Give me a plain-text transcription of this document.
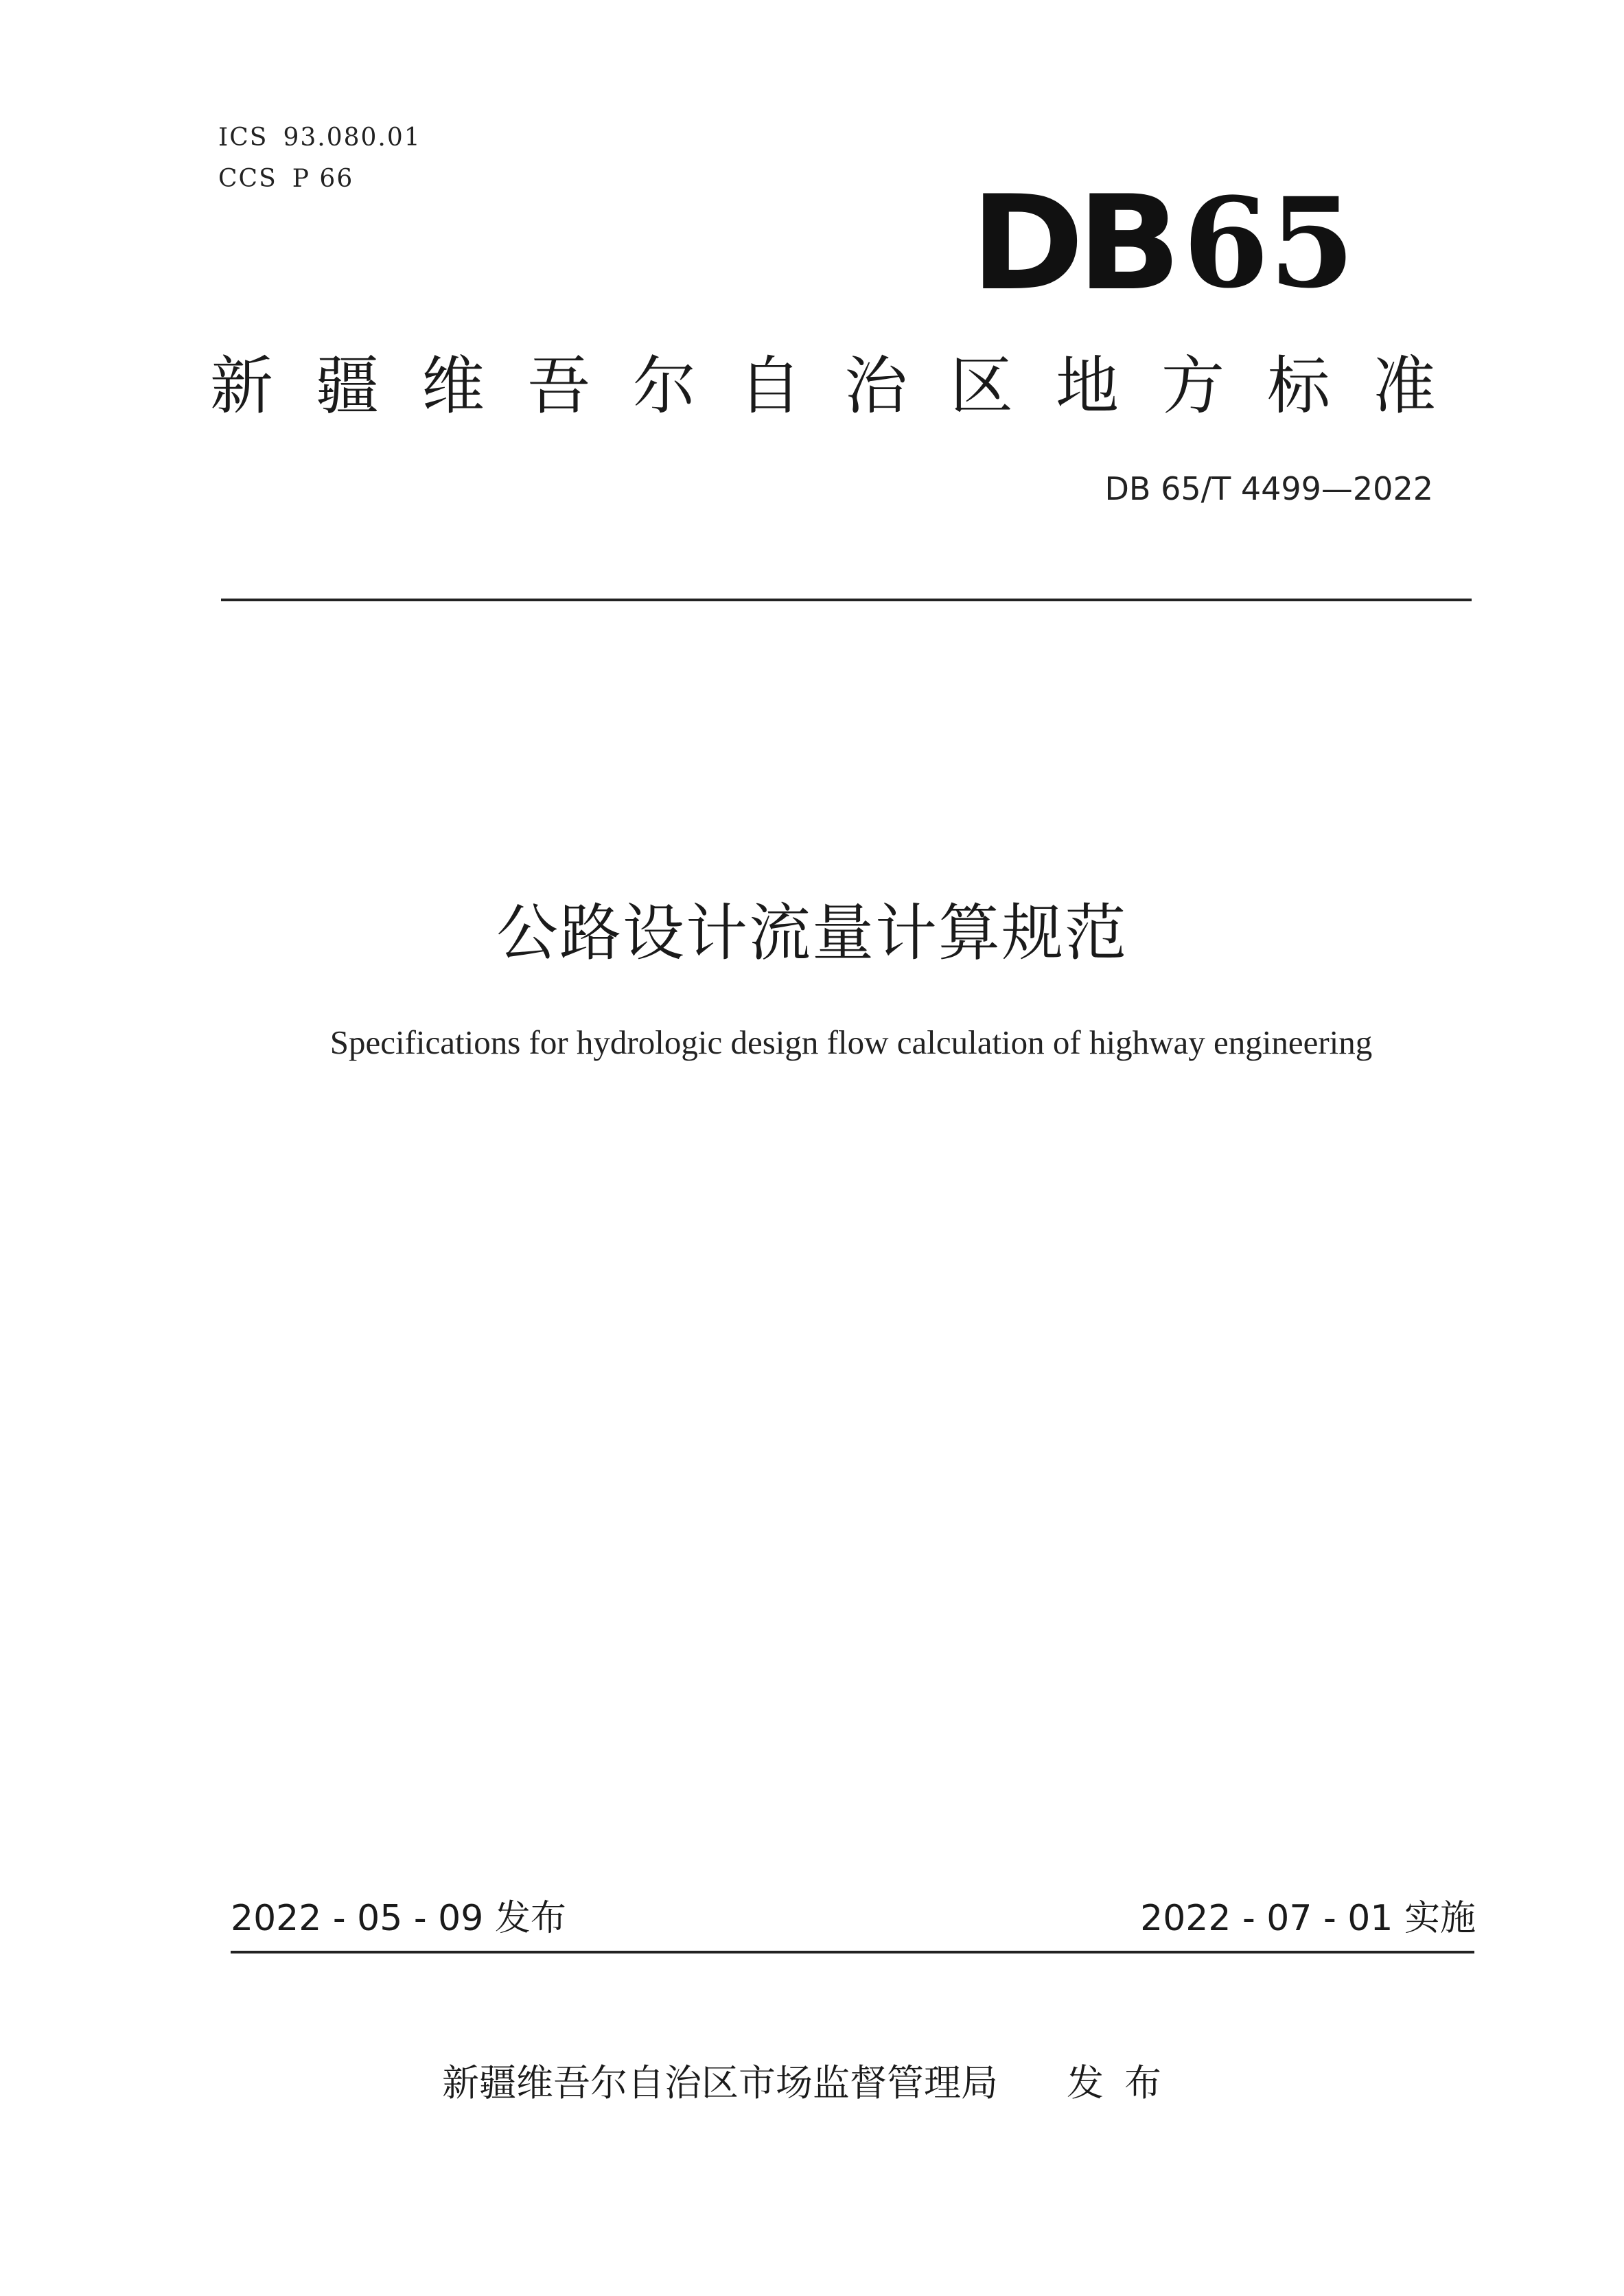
ICS 93.080.01
CCS P 66	DB 65
新疆维吾尔自治区地方标准
DB 65/T 4499—2022
公路设计流量计算规范
Specifications for hydrologic design flow calculation of highway engineering
2022 - 05 - 09 发布	2022 - 07 - 01 实施
新疆维吾尔自治区市场监督管理局 发布
